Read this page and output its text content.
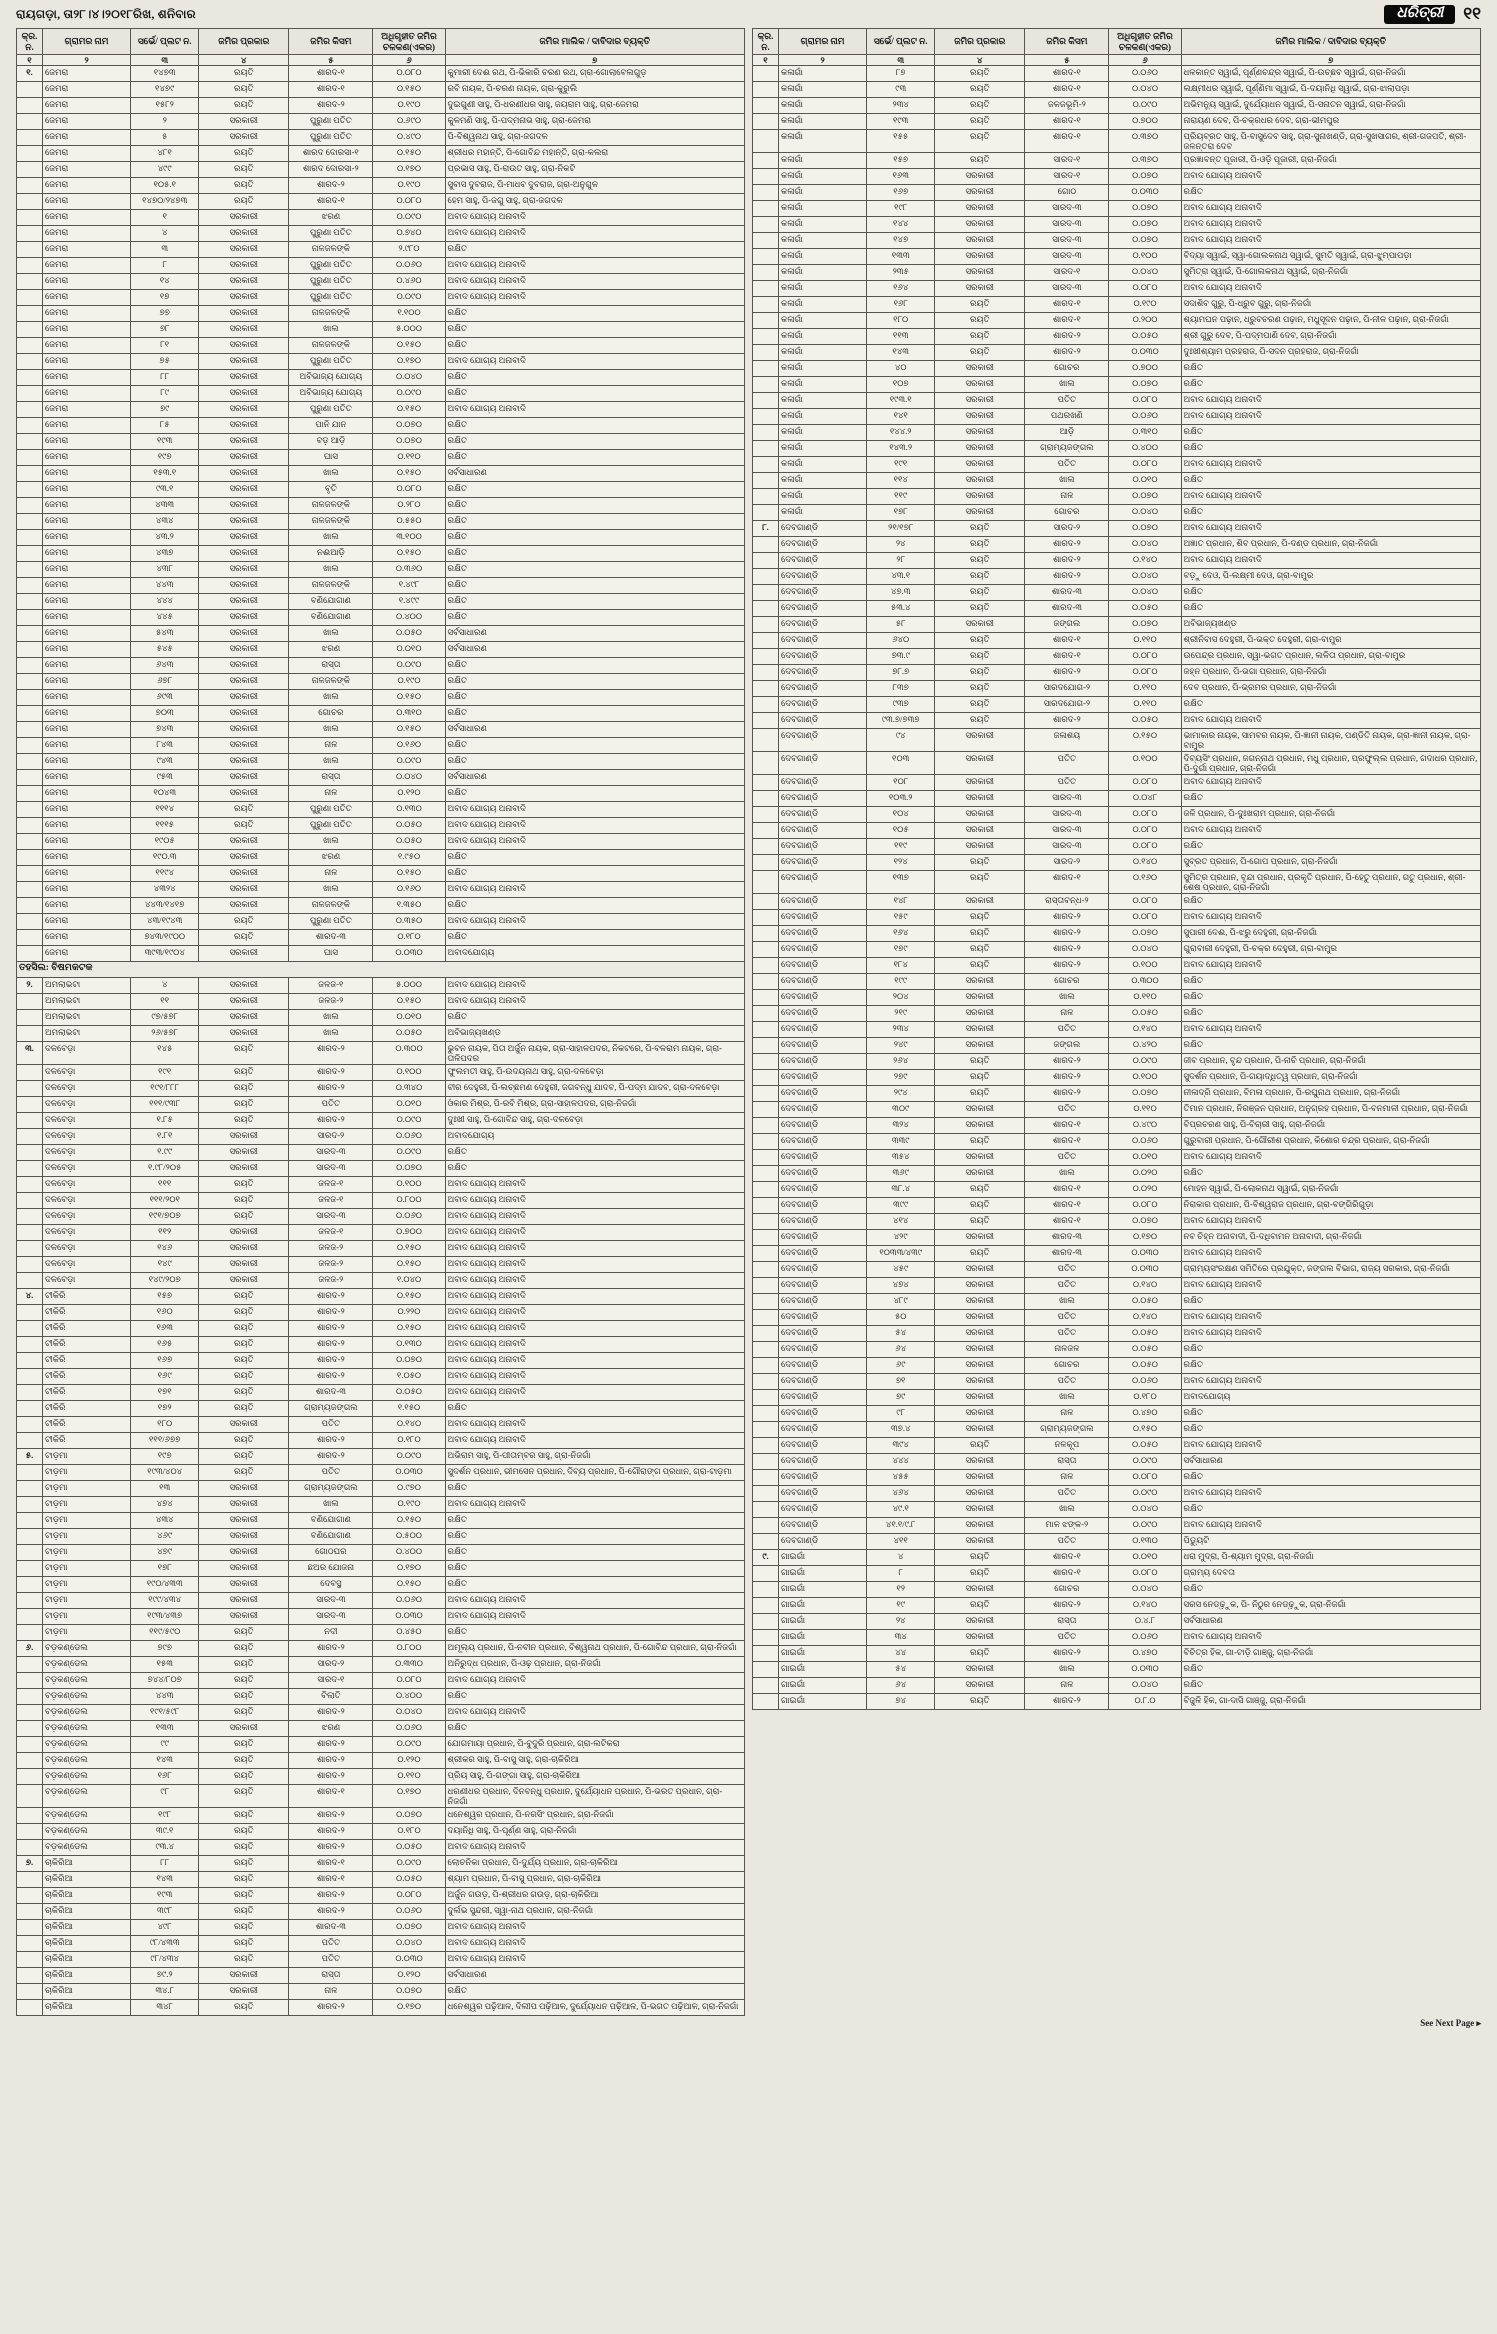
ରାୟଗଡ଼ା, ତା୨୮।୪।୨୦୧୮ରିଖ, ଶନିବାର	ଧରିତ୍ରୀ	୧୧
କ୍ର. ନ.	ଗ୍ରାମର ନାମ	ସର୍ଭେ/ ପ୍ଲଟ ନ.	ଜମିର ପ୍ରକାର	ଜମିର କିସମ	ଅଧିଗୃହୀତ ଜମିର ଚଳକଣ(ଏକର)	ଜମିର ମାଲିକ / ଦାବିଦାର ବ୍ୟକ୍ତି
୧	୨	୩	୪	୫	୬	୭
୧.	ଜେମରା	୧୪୭୩	ରୟତି	ଶାରଦ-୧	୦.୦୮୦	କୁମାରୀ ଦେଈ ରଥ, ପି-ଭିକାରି ଚରଣ ରଥ, ଗ୍ରା-ଗୋଲାବେଲଗୁଡ଼
	ଜେମରା	୧୪୭୯	ରୟତି	ଶାରଦ-୧	୦.୧୫୦	ରବି ନାୟକ, ପି-ଚରଣ ନାୟକ, ଗ୍ରା-କୁରୁଲି
	ଜେମରା	୧୫୮୨	ରୟତି	ଶାରଦ-୨	୦.୧୯୦	ଦୁଇଗୁଣୀ ସାହୁ, ପି-ଧରଣୀଧର ସାହୁ, ଜୟରାମ ସାହୁ, ଗ୍ରା-ଜେମରା
	ଜେମରା	୨	ସରକାରୀ	ପୁରୁଣା ପତିତ	୦.୬୯୦	କୁଳମଣି ସାହୁ, ପି-ପଦ୍ମନାଭ ସାହୁ, ଗ୍ରା-ଜେମରା
	ଜେମରା	୫	ସରକାରୀ	ପୁରୁଣା ପତିତ	୦.୪୯୦	ପି-ବିଶ୍ୱନାଥ ସାହୁ, ଗ୍ରା-ଜଗଦଳ
	ଜେମରା	୪୮୧	ରୟତି	ଶାରଦ ଦୋରସା-୧	୦.୧୫୦	ଶ୍ରୀଧର ମହାନ୍ତି, ପି-ଗୋବିନ୍ଦ ମହାନ୍ତି, ଗ୍ରା-କଲରା
	ଜେମରା	୪୯୯	ରୟତି	ଶାରଦ ଦୋରସା-୨	୦.୧୭୦	ପ୍ରଭାସ ସାହୁ, ପି-ରାଉତ ସାହୁ, ଗ୍ରା-ନିକଟି
	ଜେମରା	୧୦୫.୧	ରୟତି	ଶାରଦ-୨	୦.୧୯୦	ସୁବାସ ଦୁବରାଜ, ପି-ମାଧବ ଦୁବରାଜ, ଗ୍ରା-ଅନୁଗୁଳ
	ଜେମରା	୧୪୭୦/୨୪୭୩	ରୟତି	ଶାରଦ-୧	୦.୦୮୦	ହେମ ସାହୁ, ପି-ଜଗୁ ସାହୁ, ଗ୍ରା-ଜଗଦଳ
	ଜେମରା	୧	ସରକାରୀ	ଝରଣ	୦.୦୯୦	ଅବାଦ ଯୋଗ୍ୟ ଅନାବାଦି
	ଜେମରା	୪	ସରକାରୀ	ପୁରୁଣା ପତିତ	୦.୭୪୦	ଅବାଦ ଯୋଗ୍ୟ ଅନାବାଦି
	ଜେମରା	୩	ସରକାରୀ	ନାଳଜଳଙ୍କି	୨.୯୮୦	ରକ୍ଷିତ
	ଜେମରା	୮	ସରକାରୀ	ପୁରୁଣା ପତିତ	୦.୦୬୦	ଅବାଦ ଯୋଗ୍ୟ ଅନାବାଦି
	ଜେମରା	୧୪	ସରକାରୀ	ପୁରୁଣା ପତିତ	୦.୪୬୦	ଅବାଦ ଯୋଗ୍ୟ ଅନାବାଦି
	ଜେମରା	୧୭	ସରକାରୀ	ପୁରୁଣା ପତିତ	୦.୦୯୦	ଅବାଦ ଯୋଗ୍ୟ ଅନାବାଦି
	ଜେମରା	୭୭	ସରକାରୀ	ନାଳଜଳଙ୍କି	୧.୧୦୦	ରକ୍ଷିତ
	ଜେମରା	୭୮	ସରକାରୀ	ଖାଲ	୫.୦୦୦	ରକ୍ଷିତ
	ଜେମରା	୮୧	ସରକାରୀ	ନାଳଜଳଙ୍କି	୦.୧୫୦	ରକ୍ଷିତ
	ଜେମରା	୭୫	ସରକାରୀ	ପୁରୁଣା ପତିତ	୦.୧୭୦	ଅବାଦ ଯୋଗ୍ୟ ଅନାବାଦି
	ଜେମରା	୮୮	ସରକାରୀ	ଅବିଭାଜ୍ୟ ଯୋଗ୍ୟ	୦.୦୪୦	ରକ୍ଷିତ
	ଜେମରା	୮୯	ସରକାରୀ	ଅବିଭାଜ୍ୟ ଯୋଗ୍ୟ	୦.୦୯୦	ରକ୍ଷିତ
	ଜେମରା	୭୯	ସରକାରୀ	ପୁରୁଣା ପତିତ	୦.୧୫୦	ଅବାଦ ଯୋଗ୍ୟ ଅନାବାଦି
	ଜେମରା	୮୫	ସରକାରୀ	ପାନି ଯାନ	୦.୦୭୦	ରକ୍ଷିତ
	ଜେମରା	୧୯୩	ସରକାରୀ	ବଡ଼ ଆଡ଼ି	୦.୦୭୦	ରକ୍ଷିତ
	ଜେମରା	୧୯୭	ସରକାରୀ	ଘାସ	୦.୧୧୦	ରକ୍ଷିତ
	ଜେମରା	୧୫୩.୧	ସରକାରୀ	ଖାଲ	୦.୧୫୦	ସର୍ବସାଧାରଣ
	ଜେମରା	୯୩.୧	ସରକାରୀ	ବୃତି	୦.୦୮୦	ରକ୍ଷିତ
	ଜେମରା	୪୩୩	ସରକାରୀ	ନାଳଜଳଙ୍କି	୦.୨୮୦	ରକ୍ଷିତ
	ଜେମରା	୪୩୪	ସରକାରୀ	ନାଳଜଳଙ୍କି	୦.୫୫୦	ରକ୍ଷିତ
	ଜେମରା	୪୩.୨	ସରକାରୀ	ଖାଲ	୩.୧୦୦	ରକ୍ଷିତ
	ଜେମରା	୪୩୭	ସରକାରୀ	ନଈଆଡ଼ି	୦.୧୫୦	ରକ୍ଷିତ
	ଜେମରା	୪୩୮	ସରକାରୀ	ଖାଲ	୦.୩୬୦	ରକ୍ଷିତ
	ଜେମରା	୪୪୩	ସରକାରୀ	ନାଳଜଳଙ୍କି	୧.୪୯୮	ରକ୍ଷିତ
	ଜେମରା	୪୪୪	ସରକାରୀ	ବଣିଯୋଗାଣ	୧.୪୯୯	ରକ୍ଷିତ
	ଜେମରା	୪୪୫	ସରକାରୀ	ବଣିଯୋଗାଣ	୦.୪୦୦	ରକ୍ଷିତ
	ଜେମରା	୫୪୩	ସରକାରୀ	ଖାଲ	୦.୦୫୦	ସର୍ବସାଧାରଣ
	ଜେମରା	୫୪୫	ସରକାରୀ	ଝରଣ	୦.୦୧୦	ସର୍ବସାଧାରଣ
	ଜେମରା	୬୪୩	ସରକାରୀ	ରାସ୍ତା	୦.୦୯୦	ରକ୍ଷିତ
	ଜେମରା	୬୭୮	ସରକାରୀ	ନାଳଜଳଙ୍କି	୦.୧୯୦	ରକ୍ଷିତ
	ଜେମରା	୬୯୩	ସରକାରୀ	ଖାଲ	୦.୧୫୦	ରକ୍ଷିତ
	ଜେମରା	୭୦୩	ସରକାରୀ	ଗୋଚର	୦.୩୧୦	ରକ୍ଷିତ
	ଜେମରା	୭୪୩	ସରକାରୀ	ଖାଲ	୦.୧୫୦	ସର୍ବସାଧାରଣ
	ଜେମରା	୮୪୩	ସରକାରୀ	ନାଳ	୦.୧୬୦	ରକ୍ଷିତ
	ଜେମରା	୯୪୩	ସରକାରୀ	ଖାଲ	୦.୦୯୦	ରକ୍ଷିତ
	ଜେମରା	୯୫୩	ସରକାରୀ	ରାସ୍ତା	୦.୦୪୦	ସର୍ବସାଧାରଣ
	ଜେମରା	୧୦୪୩	ସରକାରୀ	ନାଳ	୦.୧୨୦	ରକ୍ଷିତ
	ଜେମରା	୧୧୧୪	ରୟତି	ପୁରୁଣା ପତିତ	୦.୧୩୦	ଅବାଦ ଯୋଗ୍ୟ ଅନାବାଦି
	ଜେମରା	୧୧୧୫	ରୟତି	ପୁରୁଣା ପତିତ	୦.୦୫୦	ଅବାଦ ଯୋଗ୍ୟ ଅନାବାଦି
	ଜେମରା	୧୯୦୫	ସରକାରୀ	ଖାଲ	୦.୦୫୦	ଅବାଦ ଯୋଗ୍ୟ ଅନାବାଦି
	ଜେମରା	୧୯୦.୩	ସରକାରୀ	ଝରଣ	୧.୯୫୦	ରକ୍ଷିତ
	ଜେମରା	୧୧୯୪	ସରକାରୀ	ନାଳ	୦.୧୫୦	ରକ୍ଷିତ
	ଜେମରା	୪୩୨୪	ସରକାରୀ	ଖାଲ	୦.୧୬୦	ଅବାଦ ଯୋଗ୍ୟ ଅନାବାଦି
	ଜେମରା	୪୪୩/୧୪୧୭	ସରକାରୀ	ନାଳଜଳଙ୍କି	୧.୩୫୦	ରକ୍ଷିତ
	ଜେମରା	୪୩/୧୯୪୩	ରୟତି	ପୁରୁଣା ପତିତ	୦.୩୫୦	ଅବାଦ ଯୋଗ୍ୟ ଅନାବାଦି
	ଜେମରା	୭୪୩/୧୯୦୦	ରୟତି	ଶାରଦ-୩	୦.୧୮୦	ରକ୍ଷିତ
	ଜେମରା	୩୯୩/୧୯୦୪	ସରକାରୀ	ଘାସ	୦.୦୩୦	ଅବାଦଯୋଗ୍ୟ
ତହସିଲ: ବିଷମକଟକ						
୨.	ଅମଲାଭଟା	୪	ସରକାରୀ	ଜଳଜ-୧	୫.୦୦୦	ଅବାଦ ଯୋଗ୍ୟ ଅନାବାଦି
	ଅମଲାଭଟା	୧୧	ସରକାରୀ	ଜଳଜ-୨	୦.୧୫୦	ଅବାଦ ଯୋଗ୍ୟ ଅନାବାଦି
	ଅମଲାଭଟା	୯୭/୫୭୮	ସରକାରୀ	ଖାଲ	୦.୦୧୦	ରକ୍ଷିତ
	ଅମଲାଭଟା	୨୬/୫୭୮	ସରକାରୀ	ଖାଲ	୦.୦୫୦	ଅବିଭାଜ୍ୟଖଣ୍ଡ
୩.	ଦଳବେଡ଼ା	୧୪୫	ରୟତି	ଶାରଦ-୨	୦.୩୦୦	ଭୁବନ ନାୟକ, ପିତା ଅର୍ଜୁନ ନାୟକ, ଗ୍ରା-ସାହାଳପଦର, ନିକଟରେ, ପି-ବଳରାମ ନାୟକ, ଗ୍ରା-ତାଳିପଦର
	ଦଳବେଡ଼ା	୧୯୧	ରୟତି	ଶାରଦ-୨	୦.୧୦୦	ଫୁଲମତୀ ସାହୁ, ପି-ଉଦୟନାଥ ସାହୁ, ଗ୍ରା-ଦଳବେଡ଼ା
	ଦଳବେଡ଼ା	୧୯୧/୮୮୮	ରୟତି	ଶାରଦ-୨	୦.୩୪୦	ବୀର ଦେହୁରୀ, ପି-ଲଚ୍ଛମଣ ଦେହୁରୀ, ଜଗବନ୍ଧୁ ଯାଦବ, ପି-ପଦ୍ମ ଯାଦବ, ଗ୍ରା-ଦଳବେଡ଼ା
	ଦଳବେଡ଼ା	୧୧୧/୯୩୮	ରୟତି	ପତିତ	୦.୦୧୦	ଓଁକାର ମିଶ୍ର, ପି-ରବି ମିଶ୍ର, ଗ୍ରା-ସାହାଳପଦର, ଗ୍ରା-ନିଜଗାଁ
	ଦଳବେଡ଼ା	୧.୮୫	ରୟତି	ଶାରଦ-୨	୦.୦୯୦	ଦୁଃଖୀ ସାହୁ, ପି-ଗୋବିନ୍ଦ ସାହୁ, ଗ୍ରା-ଦଳବେଡ଼ା
	ଦଳବେଡ଼ା	୧.୮୧	ସରକାରୀ	ସାରଦ-୨	୦.୦୬୦	ଅବାଦଯୋଗ୍ୟ
	ଦଳବେଡ଼ା	୧.୯୯	ସରକାରୀ	ସାରଦ-୩	୦.୦୯୦	ରକ୍ଷିତ
	ଦଳବେଡ଼ା	୧.୯୮/୨୦୫	ସରକାରୀ	ସାରଦ-୩	୦.୦୭୦	ରକ୍ଷିତ
	ଦଳବେଡ଼ା	୧୧୧	ରୟତି	ଜଳଜ-୧	୦.୧୦୦	ଅବାଦ ଯୋଗ୍ୟ ଅନାବାଦି
	ଦଳବେଡ଼ା	୧୧୧/୨୦୧	ରୟତି	ଜଳଜ-୧	୦.୮୦୦	ଅବାଦ ଯୋଗ୍ୟ ଅନାବାଦି
	ଦଳବେଡ଼ା	୧୯୧/୭୦୭	ରୟତି	ସାରଦ-୩	୦.୦୬୦	ଅବାଦ ଯୋଗ୍ୟ ଅନାବାଦି
	ଦଳବେଡ଼ା	୧୧୨	ସରକାରୀ	ଜଳଜ-୧	୦.୭୦୦	ଅବାଦ ଯୋଗ୍ୟ ଅନାବାଦି
	ଦଳବେଡ଼ା	୧୪୬	ସରକାରୀ	ଜଳଜ-୨	୦.୧୫୦	ଅବାଦ ଯୋଗ୍ୟ ଅନାବାଦି
	ଦଳବେଡ଼ା	୧୪୯	ସରକାରୀ	ଜଳଜ-୨	୦.୧୫୦	ଅବାଦ ଯୋଗ୍ୟ ଅନାବାଦି
	ଦଳବେଡ଼ା	୧୪୯/୨୦୭	ସରକାରୀ	ଜଳଜ-୨	୧.୦୪୦	ଅବାଦ ଯୋଗ୍ୟ ଅନାବାଦି
୪.	ଟୀକିରି	୧୫୭	ରୟତି	ଶାରଦ-୨	୦.୧୫୦	ଅବାଦ ଯୋଗ୍ୟ ଅନାବାଦି
	ଟୀକିରି	୧୬୦	ରୟତି	ଶାରଦ-୨	୦.୨୨୦	ଅବାଦ ଯୋଗ୍ୟ ଅନାବାଦି
	ଟୀକିରି	୧୬୩	ରୟତି	ଶାରଦ-୨	୦.୧୫୦	ଅବାଦ ଯୋଗ୍ୟ ଅନାବାଦି
	ଟୀକିରି	୧୬୫	ରୟତି	ଶାରଦ-୨	୦.୧୩୦	ଅବାଦ ଯୋଗ୍ୟ ଅନାବାଦି
	ଟୀକିରି	୧୬୭	ରୟତି	ଶାରଦ-୨	୦.୦୭୦	ଅବାଦ ଯୋଗ୍ୟ ଅନାବାଦି
	ଟୀକିରି	୧୬୯	ରୟତି	ଶାରଦ-୨	୧.୦୫୦	ଅବାଦ ଯୋଗ୍ୟ ଅନାବାଦି
	ଟୀକିରି	୧୭୧	ରୟତି	ଶାରଦ-୩	୦.୦୫୦	ଅବାଦ ଯୋଗ୍ୟ ଅନାବାଦି
	ଟୀକିରି	୧୭୨	ରୟତି	ଗ୍ରାମ୍ୟଜଙ୍ଗଲ	୧.୧୫୦	ରକ୍ଷିତ
	ଟୀକିରି	୧୮୦	ସରକାରୀ	ପତିତ	୦.୧୪୦	ଅବାଦ ଯୋଗ୍ୟ ଅନାବାଦି
	ଟୀକିରି	୧୧୧/୬୭୭	ରୟତି	ଶାରଦ-୨	୦.୧୮୦	ଅବାଦ ଯୋଗ୍ୟ ଅନାବାଦି
୫.	ଟାଡ଼ମା	୧୯୭	ରୟତି	ଶାରଦ-୨	୦.୦୯୦	ଅଭିରାମ ସାହୁ, ପି-ପୀତାମ୍ବର ସାହୁ, ଗ୍ରା-ନିଜଗାଁ
	ଟାଡ଼ମା	୧୯୩/୪୦୪	ରୟତି	ପତିତ	୦.୦୩୦	ସୁଦର୍ଶନ ପ୍ରଧାନ, ଭୀମସେନ ପ୍ରଧାନ, ଦିବ୍ୟ ପ୍ରଧାନ, ପି-ଗୌରାଙ୍ଗ ପ୍ରଧାନ, ଗ୍ରା-ଟାଡ଼ମା
	ଟାଡ଼ମା	୧୩	ସରକାରୀ	ଗ୍ରାମ୍ୟଜଙ୍ଗଲ	୦.୯୭୦	ରକ୍ଷିତ
	ଟାଡ଼ମା	୪୭୪	ସରକାରୀ	ଖାଲ	୦.୧୯୦	ଅବାଦ ଯୋଗ୍ୟ ଅନାବାଦି
	ଟାଡ଼ମା	୪୩୪	ସରକାରୀ	ବଣିଯୋଗାଣ	୦.୧୫୦	ରକ୍ଷିତ
	ଟାଡ଼ମା	୪୬୯	ସରକାରୀ	ବଣିଯୋଗାଣ	୦.୫୦୦	ରକ୍ଷିତ
	ଟାଡ଼ମା	୪୭୯	ସରକାରୀ	ଗୋଠଘର	୦.୪୦୦	ରକ୍ଷିତ
	ଟାଡ଼ମା	୧୭୮	ସରକାରୀ	ଛଅର ଯୋଜନା	୦.୧୭୦	ରକ୍ଷିତ
	ଟାଡ଼ମା	୧୯୦/୪୩୩	ସରକାରୀ	ଦେବସ୍ଥ	୦.୧୫୦	ରକ୍ଷିତ
	ଟାଡ଼ମା	୧୯୯/୪୩୪	ସରକାରୀ	ସାରଦ-୩	୦.୦୬୦	ଅବାଦ ଯୋଗ୍ୟ ଅନାବାଦି
	ଟାଡ଼ମା	୧୯୩/୪୩୭	ସରକାରୀ	ସାରଦ-୩	୦.୦୩୦	ଅବାଦ ଯୋଗ୍ୟ ଅନାବାଦି
	ଟାଡ଼ମା	୧୧୯/୫୯୦	ରୟତି	ନଦୀ	୦.୪୫୦	ରକ୍ଷିତ
୬.	ବଡ଼କଣ୍ଡେଲ	୭୯୭	ରୟତି	ଶାରଦ-୨	୦.୮୦୦	ଅମୂଲ୍ୟ ପ୍ରଧାନ, ପି-ନବୀନ ପ୍ରଧାନ, ବିଶ୍ୱନାଥ ପ୍ରଧାନ, ପି-ଗୋବିନ୍ଦ ପ୍ରଧାନ, ଗ୍ରା-ନିଜଗାଁ
	ବଡ଼କଣ୍ଡେଲ	୧୫୩	ରୟତି	ସାରଦ-୨	୦.୩୩୦	ଅନିରୁଦ୍ଧ ପ୍ରଧାନ, ପି-ଓଢ଼ ପ୍ରଧାନ, ଗ୍ରା-ନିଜଗାଁ
	ବଡ଼କଣ୍ଡେଲ	୭୪୪/୮୦୭	ରୟତି	ସାରଦ-୧	୦.୦୮୦	ଅବାଦ ଯୋଗ୍ୟ ଅନାବାଦି
	ବଡ଼କଣ୍ଡେଲ	୪୪୩	ରୟତି	ବିଲାତି	୦.୪୦୦	ରକ୍ଷିତ
	ବଡ଼କଣ୍ଡେଲ	୧୯୧/୫୯୮	ରୟତି	ଶାରଦ-୨	୦.୦୪୦	ଅବାଦ ଯୋଗ୍ୟ ଅନାବାଦି
	ବଡ଼କଣ୍ଡେଲ	୧୩୩	ସରକାରୀ	ଝରଣ	୦.୦୬୦	ରକ୍ଷିତ
	ବଡ଼କଣ୍ଡେଲ	୯୯	ରୟତି	ଶାରଦ-୨	୦.୦୯୦	ଯୋଗମାୟା ପ୍ରଧାନ, ପି-ବୁଦୁରି ପ୍ରଧାନ, ଗ୍ରା-ଲଟିକରା
	ବଡ଼କଣ୍ଡେଲ	୧୪୩	ରୟତି	ଶାରଦ-୨	୦.୧୨୦	ଶ୍ରୀକର ସାହୁ, ପି-ବାସୁ ସାହୁ, ଗ୍ରା-ଚାକିରିଆ
	ବଡ଼କଣ୍ଡେଲ	୧୬୮	ରୟତି	ଶାରଦ-୨	୦.୧୧୦	ପ୍ରିୟ ସାହୁ, ପି-ଗଙ୍ଗା ସାହୁ, ଗ୍ରା-ଚାକିରିଆ
	ବଡ଼କଣ୍ଡେଲ	୯୮	ରୟତି	ଶାରଦ-୧	୦.୧୭୦	ଧରଣୀଧର ପ୍ରଧାନ, ଦିନବନ୍ଧୁ ପ୍ରଧାନ, ଦୁର୍ଯ୍ୟୋଧନ ପ୍ରଧାନ, ପି-ଭରତ ପ୍ରଧାନ, ଗ୍ରା-ନିଜଗାଁ
	ବଡ଼କଣ୍ଡେଲ	୧୯୮	ରୟତି	ଶାରଦ-୨	୦.୦୭୦	ଧନେଶ୍ୱର ପ୍ରଧାନ, ପି-ନରସିଂ ପ୍ରଧାନ, ଗ୍ରା-ନିଜଗାଁ
	ବଡ଼କଣ୍ଡେଲ	୩୯.୧	ରୟତି	ଶାରଦ-୨	୦.୧୮୦	ଦୟାନିଧି ସାହୁ, ପି-ପୂର୍ଣ୍ଣ ସାହୁ, ଗ୍ରା-ନିଜଗାଁ
	ବଡ଼କଣ୍ଡେଲ	୯୩.୪	ରୟତି	ଶାରଦ-୨	୦.୦୫୦	ଅବାଦ ଯୋଗ୍ୟ ଅନାବାଦି
୭.	ଚାକିରିଆ	୮୮	ରୟତି	ଶାରଦ-୧	୦.୦୯୦	ଲୋଚନିକା ପ୍ରଧାନ, ପି-ଦୁର୍ଯ୍ୟ ପ୍ରଧାନ, ଗ୍ରା-ଚାକିରିଆ
	ଚାକିରିଆ	୧୪୩	ରୟତି	ଶାରଦ-୧	୦.୦୫୦	ଶ୍ୟାମ ପ୍ରଧାନ, ପି-ବାସୁ ପ୍ରଧାନ, ଗ୍ରା-ଚାକିରିଆ
	ଚାକିରିଆ	୧୯୩	ରୟତି	ଶାରଦ-୨	୦.୦୮୦	ଅର୍ଜୁନ ଗଉଡ଼, ପି-ଶ୍ରୀଧର ଗଉଡ଼, ଗ୍ରା-ଚାକିରିଆ
	ଚାକିରିଆ	୩୯୮	ରୟତି	ଶାରଦ-୨	୦.୦୬୦	ଦୁର୍ଲଭ ସୁନ୍ଦରୀ, ସ୍ୱା-ନାଥ ପ୍ରଧାନ, ଗ୍ରା-ନିଜଗାଁ
	ଚାକିରିଆ	୪୯୮	ରୟତି	ଶାରଦ-୩	୦.୦୭୦	ଅବାଦ ଯୋଗ୍ୟ ଅନାବାଦି
	ଚାକିରିଆ	୯୮/୪୩୩	ରୟତି	ପତିତ	୦.୦୪୦	ଅବାଦ ଯୋଗ୍ୟ ଅନାବାଦି
	ଚାକିରିଆ	୯୮/୪୩୪	ରୟତି	ପତିତ	୦.୦୩୦	ଅବାଦ ଯୋଗ୍ୟ ଅନାବାଦି
	ଚାକିରିଆ	୭୯.୨	ସରକାରୀ	ରାସ୍ତା	୦.୧୨୦	ସର୍ବସାଧାରଣ
	ଚାକିରିଆ	୩୪.୮	ସରକାରୀ	ନାଳ	୦.୦୭୦	ରକ୍ଷିତ
	ଚାକିରିଆ	୩୪୮	ରୟତି	ଶାରଦ-୨	୦.୧୭୦	ଧନେଶ୍ୱର ପଢ଼ିଆଳ, ଦିଲୀପ ପଢ଼ିଆଳ, ଦୁର୍ଯ୍ୟୋଧନ ପଢ଼ିଆଳ, ପି-ଭଗତ ପଢ଼ିଆଳ, ଗ୍ରା-ନିଜଗାଁ
କ୍ର. ନ.	ଗ୍ରାମର ନାମ	ସର୍ଭେ/ ପ୍ଲଟ ନ.	ଜମିର ପ୍ରକାର	ଜମିର କିସମ	ଅଧିଗୃହୀତ ଜମିର ଚଳକଣ(ଏକର)	ଜମିର ମାଲିକ / ଦାବିଦାର ବ୍ୟକ୍ତି
୧	୨	୩	୪	୫	୬	୭
	କଳାଗାଁ	୮୭	ରୟତି	ଶାରଦ-୧	୦.୦୬୦	ଧଳକାନ୍ତ ସ୍ୱାଇଁ, ପୂର୍ଣ୍ଣଚନ୍ଦ୍ର ସ୍ୱାଇଁ, ପି-ଉଚ୍ଛବ ସ୍ୱାଇଁ, ଗ୍ରା-ନିଜଗାଁ
	କଳାଗାଁ	୯୩	ରୟତି	ଶାରଦ-୧	୦.୦୪୦	ଲକ୍ଷ୍ମୀଧର ସ୍ୱାଇଁ, ପୂର୍ଣ୍ଣିମା ସ୍ୱାଇଁ, ପି-ଦୟାନିଧି ସ୍ୱାଇଁ, ଗ୍ରା-ଝାଲାପଡ଼ା
	କଳାଗାଁ	୨୩୪	ରୟତି	ଜଳଜଭୂମି-୨	୦.୦୯୦	ଅଭିମନ୍ୟୁ ସ୍ୱାଇଁ, ଦୁର୍ଯ୍ୟୋଧନ ସ୍ୱାଇଁ, ପି-ସନାତନ ସ୍ୱାଇଁ, ଗ୍ରା-ନିଜଗାଁ
	କଳାଗାଁ	୧୯୩	ରୟତି	ଶାରଦ-୧	୦.୭୦୦	ନାରାୟଣ ଦେବ, ପି-ଚକ୍ରଧର ଦେବ, ଗ୍ରା-ଭୀମପୁର
	କଳାଗାଁ	୧୫୫	ରୟତି	ଶାରଦ-୧	୦.୩୭୦	ପ୍ରିୟବ୍ରତ ସାହୁ, ପି-ବାସୁଦେବ ସାହୁ, ଗ୍ରା-ସୁନାଖଣ୍ଡି, ଗ୍ରା-ସୁଖସାଗର, ଶ୍ରୀ-ଗଜପତି, ଶ୍ରୀ-ଜଳନ୍ତରା ଦେବ
	କଳାଗାଁ	୧୫୭	ରୟତି	ସାରଦ-୧	୦.୩୭୦	ପ୍ରଜ୍ଞାବନ୍ତ ପୂଜାରୀ, ପି-ଓଡ଼ି ପୂଜାରୀ, ଗ୍ରା-ନିଜଗାଁ
	କଳାଗାଁ	୧୬୩	ସରକାରୀ	ସାରଦ-୧	୦.୦୭୦	ଅବାଦ ଯୋଗ୍ୟ ଅନାବାଦି
	କଳାଗାଁ	୧୬୭	ସରକାରୀ	ଗୋଠ	୦.୦୩୦	ରକ୍ଷିତ
	କଳାଗାଁ	୧୯୮	ସରକାରୀ	ସାରଦ-୩	୦.୦୭୦	ଅବାଦ ଯୋଗ୍ୟ ଅନାବାଦି
	କଳାଗାଁ	୧୪୪	ସରକାରୀ	ସାରଦ-୩	୦.୦୭୦	ଅବାଦ ଯୋଗ୍ୟ ଅନାବାଦି
	କଳାଗାଁ	୧୪୭	ସରକାରୀ	ସାରଦ-୩	୦.୦୭୦	ଅବାଦ ଯୋଗ୍ୟ ଅନାବାଦି
	କଳାଗାଁ	୧୩୩	ସରକାରୀ	ସାରଦ-୩	୦.୧୦୦	ବିଦ୍ୟା ସ୍ୱାଇଁ, ସ୍ୱା-ଗୋଲକନାଥ ସ୍ୱାଇଁ, ସୁମତି ସ୍ୱାଇଁ, ଗ୍ରା-ଝୁମ୍ପାପଡ଼ା
	କଳାଗାଁ	୨୩୫	ସରକାରୀ	ସାରଦ-୧	୦.୦୪୦	ସୁମିତ୍ରା ସ୍ୱାଇଁ, ପି-ଗୋଲକନାଥ ସ୍ୱାଇଁ, ଗ୍ରା-ନିଜଗାଁ
	କଳାଗାଁ	୧୬୪	ସରକାରୀ	ସାରଦ-୩	୦.୦୮୦	ଅବାଦ ଯୋଗ୍ୟ ଅନାବାଦି
	କଳାଗାଁ	୧୬୮	ରୟତି	ଶାରଦ-୧	୦.୧୯୦	ସଦାଶିବ ଗୁରୁ, ପି-ଧ୍ରୁବ ଗୁରୁ, ଗ୍ରା-ନିଜଗାଁ
	କଳାଗାଁ	୧୮୦	ରୟତି	ଶାରଦ-୧	୦.୨୦୦	ଶ୍ୟାମଘନ ପଢ଼ାନ, ଧ୍ରୁବଚରଣ ପଢ଼ାନ, ମଧୁସୂଦନ ପଢ଼ାନ, ପି-ନୀଳ ପଢ଼ାନ, ଗ୍ରା-ନିଜଗାଁ
	କଳାଗାଁ	୧୧୩	ରୟତି	ଶାରଦ-୨	୦.୦୫୦	ଶ୍ରୀ ଗୁରୁ ଦେବ, ପି-ପଦ୍ମପାଣି ଦେବ, ଗ୍ରା-ନିଜଗାଁ
	କଳାଗାଁ	୧୪୩	ରୟତି	ଶାରଦ-୨	୦.୦୩୦	ଦୁଃଖୀଶ୍ୟାମ ପ୍ରହରାଜ, ପି-ସଦନ ପ୍ରହରାଜ, ଗ୍ରା-ନିଜଗାଁ
	କଳାଗାଁ	୪୦	ସରକାରୀ	ଗୋଚର	୦.୭୦୦	ରକ୍ଷିତ
	କଳାଗାଁ	୧୦୭	ସରକାରୀ	ଖାଲ	୦.୦୭୦	ରକ୍ଷିତ
	କଳାଗାଁ	୧୯୩.୧	ସରକାରୀ	ପତିତ	୦.୦୮୦	ଅବାଦ ଯୋଗ୍ୟ ଅନାବାଦି
	କଳାଗାଁ	୧୪୧	ସରକାରୀ	ପଥରଖଣି	୦.୦୬୦	ଅବାଦ ଯୋଗ୍ୟ ଅନାବାଦି
	କଳାଗାଁ	୧୪୪.୨	ସରକାରୀ	ଆଡ଼ି	୦.୩୧୦	ରକ୍ଷିତ
	କଳାଗାଁ	୧୪୩.୨	ସରକାରୀ	ଗ୍ରାମ୍ୟଜଙ୍ଗଲ	୦.୪୦୦	ରକ୍ଷିତ
	କଳାଗାଁ	୧୯୧	ସରକାରୀ	ପତିତ	୦.୦୮୦	ଅବାଦ ଯୋଗ୍ୟ ଅନାବାଦି
	କଳାଗାଁ	୧୧୪	ସରକାରୀ	ଖାଲ	୦.୦୧୦	ରକ୍ଷିତ
	କଳାଗାଁ	୧୧୯	ସରକାରୀ	ନାଳ	୦.୦୭୦	ଅବାଦ ଯୋଗ୍ୟ ଅନାବାଦି
	କଳାଗାଁ	୧୭୮	ସରକାରୀ	ଗୋଚର	୦.୦୪୦	ରକ୍ଷିତ
୮.	ଦେବଗାଣ୍ଡି	୨୧/୧୭୮	ରୟତି	ସାରଦ-୨	୦.୦୭୦	ଅବାଦ ଯୋଗ୍ୟ ଅନାବାଦି
	ଦେବଗାଣ୍ଡି	୨୪	ରୟତି	ଶାରଦ-୨	୦.୦୪୦	ଅଜ୍ଞାତ ପ୍ରଧାନ, ଶିବ ପ୍ରଧାନ, ପି-ଦଣ୍ଡ ପ୍ରଧାନ, ଗ୍ରା-ନିଜଗାଁ
	ଦେବଗାଣ୍ଡି	୨୮	ରୟତି	ଶାରଦ-୨	୦.୧୪୦	ଅବାଦ ଯୋଗ୍ୟ ଅନାବାଦି
	ଦେବଗାଣ୍ଡି	୪୩.୧	ରୟତି	ଶାରଦ-୨	୦.୦୪୦	ବଡ଼ୁ ଦେଓ, ପି-ଲକ୍ଷ୍ମୀ ଦେଓ, ଗ୍ରା-ବାମୁର
	ଦେବଗାଣ୍ଡି	୪୭.୩	ରୟତି	ଶାରଦ-୩	୦.୦୪୦	ରକ୍ଷିତ
	ଦେବଗାଣ୍ଡି	୫୩.୪	ରୟତି	ଶାରଦ-୩	୦.୦୫୦	ରକ୍ଷିତ
	ଦେବଗାଣ୍ଡି	୫୮	ସରକାରୀ	ଜଙ୍ଗଲ	୦.୦୭୦	ଅବିଭାଜ୍ୟଖଣ୍ଡ
	ଦେବଗାଣ୍ଡି	୬୪୦	ରୟତି	ଶାରଦ-୧	୦.୧୧୦	ଶ୍ରୀନିବାସ ଦେହୁରୀ, ପି-ଭକ୍ତ ଦେହୁରୀ, ଗ୍ରା-ବାମୁର
	ଦେବଗାଣ୍ଡି	୭୩.୯	ରୟତି	ଶାରଦ-୧	୦.୦୮୦	ଉପେନ୍ଦ୍ର ପ୍ରଧାନ, ସ୍ୱା-ଭଗତ ପ୍ରଧାନ, ଲଳିତା ପ୍ରଧାନ, ଗ୍ରା-ବାମୁର
	ଦେବଗାଣ୍ଡି	୭୮.୭	ରୟତି	ଶାରଦ-୨	୦.୦୮୦	ଜହ୍ନ ପ୍ରଧାନ, ପି-ଭଗା ପ୍ରଧାନ, ଗ୍ରା-ନିଜଗାଁ
	ଦେବଗାଣ୍ଡି	୮୩୭	ରୟତି	ସାରଦଯୋଗ-୨	୦.୧୧୦	ଦେବ ପ୍ରଧାନ, ପି-ଭ୍ରମର ପ୍ରଧାନ, ଗ୍ରା-ନିଜଗାଁ
	ଦେବଗାଣ୍ଡି	୯୩୭	ରୟତି	ସାରଦଯୋଗ-୨	୦.୧୧୦	ରକ୍ଷିତ
	ଦେବଗାଣ୍ଡି	୯୩.୭/୭୩୭	ରୟତି	ଶାରଦ-୨	୦.୦୫୦	ଅବାଦ ଯୋଗ୍ୟ ଅନାବାଦି
	ଦେବଗାଣ୍ଡି	୯୪	ସରକାରୀ	ଜଳାଶୟ	୦.୧୫୦	ଭାମାକାର ନାୟକ, ସାମବର ନାୟକ, ପି-ଜ୍ଞାନୀ ନାୟକ, ପଣ୍ଡିତି ନାୟକ, ଗ୍ରା-ଜ୍ଞାନୀ ନାୟକ, ଗ୍ରା-ବାମୁର
	ଦେବଗାଣ୍ଡି	୧୦୩	ସରକାରୀ	ପତିତ	୦.୧୦୦	ଦିବ୍ୟସିଂ ପ୍ରଧାନ, ଜଗନ୍ନାଥ ପ୍ରଧାନ, ମଧୁ ପ୍ରଧାନ, ପ୍ରଫୁଲ୍ଲ ପ୍ରଧାନ, ଗଦାଧର ପ୍ରଧାନ, ପି-ଦୁର୍ଗା ପ୍ରଧାନ, ଗ୍ରା-ନିଜଗାଁ
	ଦେବଗାଣ୍ଡି	୧୦୮	ସରକାରୀ	ପତିତ	୦.୦୮୦	ଅବାଦ ଯୋଗ୍ୟ ଅନାବାଦି
	ଦେବଗାଣ୍ଡି	୧୦୩.୨	ସରକାରୀ	ସାରଦ-୩	୦.୦୪୮	ରକ୍ଷିତ
	ଦେବଗାଣ୍ଡି	୧୦୪	ସରକାରୀ	ସାରଦ-୩	୦.୦୮୦	ଜଳି ପ୍ରଧାନ, ପି-ଦୁଃଖରାମ ପ୍ରଧାନ, ଗ୍ରା-ନିଜଗାଁ
	ଦେବଗାଣ୍ଡି	୧୦୫	ସରକାରୀ	ସାରଦ-୩	୦.୦୮୦	ଅବାଦ ଯୋଗ୍ୟ ଅନାବାଦି
	ଦେବଗାଣ୍ଡି	୧୧୯	ସରକାରୀ	ସାରଦ-୩	୦.୦୮୦	ରକ୍ଷିତ
	ଦେବଗାଣ୍ଡି	୧୨୪	ରୟତି	ସାରଦ-୨	୦.୧୪୦	ସୁବ୍ରତ ପ୍ରଧାନ, ପି-ଗୋପ ପ୍ରଧାନ, ଗ୍ରା-ନିଜଗାଁ
	ଦେବଗାଣ୍ଡି	୧୩୭	ରୟତି	ଶାରଦ-୧	୦.୧୬୦	ସୁମିତ୍ର ପ୍ରଧାନ, ବୃନ୍ଦା ପ୍ରଧାନ, ପ୍ରକୃତି ପ୍ରଧାନ, ପି-ହେତୁ ପ୍ରଧାନ, ଗତୁ ପ୍ରଧାନ, ଶ୍ରୀ- ଶେଷ ପ୍ରଧାନ, ଗ୍ରା-ନିଜଗାଁ
	ଦେବଗାଣ୍ଡି	୧୪୮	ସରକାରୀ	ରାସ୍ତାବନ୍ଧ-୨	୦.୦୮୦	ରକ୍ଷିତ
	ଦେବଗାଣ୍ଡି	୧୫୯	ରୟତି	ଶାରଦ-୨	୦.୦୮୦	ଅବାଦ ଯୋଗ୍ୟ ଅନାବାଦି
	ଦେବଗାଣ୍ଡି	୧୬୪	ରୟତି	ଶାରଦ-୨	୦.୦୭୦	ସୁପାରୀ ଦେଈ, ପି-ଝରୁ ଦେହୁରୀ, ଗ୍ରା-ନିଜଗାଁ
	ଦେବଗାଣ୍ଡି	୧୭୯	ରୟତି	ଶାରଦ-୨	୦.୦୪୦	ଗୁରାବାରୀ ଦେହୁରୀ, ପି-ଚକ୍ର ଦେହୁରୀ, ଗ୍ରା-ବାମୁର
	ଦେବଗାଣ୍ଡି	୧୮୪	ରୟତି	ଶାରଦ-୨	୦.୧୦୦	ଅବାଦ ଯୋଗ୍ୟ ଅନାବାଦି
	ଦେବଗାଣ୍ଡି	୧୯୯	ସରକାରୀ	ଗୋଚର	୦.୩୦୦	ରକ୍ଷିତ
	ଦେବଗାଣ୍ଡି	୨୦୪	ସରକାରୀ	ଖାଲ	୦.୧୧୦	ରକ୍ଷିତ
	ଦେବଗାଣ୍ଡି	୨୧୯	ସରକାରୀ	ନାଳ	୦.୦୫୦	ରକ୍ଷିତ
	ଦେବଗାଣ୍ଡି	୨୩୪	ସରକାରୀ	ପତିତ	୦.୧୪୦	ଅବାଦ ଯୋଗ୍ୟ ଅନାବାଦି
	ଦେବଗାଣ୍ଡି	୨୪୯	ସରକାରୀ	ଜଙ୍ଗଲ	୦.୪୨୦	ରକ୍ଷିତ
	ଦେବଗାଣ୍ଡି	୨୬୪	ରୟତି	ଶାରଦ-୨	୦.୦୯୦	ଜୀବ ପ୍ରଧାନ, ବୃନ୍ଦ ପ୍ରଧାନ, ପି-ନାଚି ପ୍ରଧାନ, ଗ୍ରା-ନିଜଗାଁ
	ଦେବଗାଣ୍ଡି	୨୭୯	ରୟତି	ଶାରଦ-୨	୦.୧୦୦	ସୁଦର୍ଶନ ପ୍ରଧାନ, ପି-ଗୟାଦ୍ଧିତ୍ୱ ପ୍ରଧାନ, ଗ୍ରା-ନିଜଗାଁ
	ଦେବଗାଣ୍ଡି	୨୯୪	ରୟତି	ଶାରଦ-୨	୦.୦୭୦	ନୀଳାଦ୍ରି ପ୍ରଧାନ, ବିମଳା ପ୍ରଧାନ, ପି-ରଘୁନାଥ ପ୍ରଧାନ, ଗ୍ରା-ନିଜଗାଁ
	ଦେବଗାଣ୍ଡି	୩୦୯	ସରକାରୀ	ପତିତ	୦.୧୧୦	ତିମାନ ପ୍ରଧାନ, ନିରଞ୍ଜନ ପ୍ରଧାନ, ଅନୁଗ୍ରହ ପ୍ରଧାନ, ପି-ବନମାଳୀ ପ୍ରଧାନ, ଗ୍ରା-ନିଜଗାଁ
	ଦେବଗାଣ୍ଡି	୩୨୪	ସରକାରୀ	ଶାରଦ-୧	୦.୪୯୦	ବିପ୍ରଚରଣ ସାହୁ, ପି-ବିଚାରୀ ସାହୁ, ଗ୍ରା-ନିଜଗାଁ
	ଦେବଗାଣ୍ଡି	୩୩୯	ରୟତି	ଶାରଦ-୧	୦.୦୬୦	ଗୁରୁବାରୀ ପ୍ରଧାନ, ପି-ଗୌରୀଶ ପ୍ରଧାନ, କିଶୋର ଚନ୍ଦ୍ର ପ୍ରଧାନ, ଗ୍ରା-ନିଜଗାଁ
	ଦେବଗାଣ୍ଡି	୩୫୪	ସରକାରୀ	ପତିତ	୦.୦୧୦	ଅବାଦ ଯୋଗ୍ୟ ଅନାବାଦି
	ଦେବଗାଣ୍ଡି	୩୬୯	ସରକାରୀ	ଖାଲ	୦.୦୨୦	ରକ୍ଷିତ
	ଦେବଗାଣ୍ଡି	୩୮.୪	ରୟତି	ଶାରଦ-୧	୦.୦୨୦	ମୋହନ ସ୍ୱାଇଁ, ପି-ଲୋକନାଥ ସ୍ୱାଇଁ, ଗ୍ରା-ନିଜଗାଁ
	ଦେବଗାଣ୍ଡି	୩୯୯	ରୟତି	ଶାରଦ-୧	୦.୦୮୦	ନିରାକାର ପ୍ରଧାନ, ପି-ବିଶ୍ୱରାଜ ପ୍ରଧାନ, ଗ୍ରା-ବଙ୍ଗିରିଗୁଡ଼ା
	ଦେବଗାଣ୍ଡି	୪୧୪	ରୟତି	ଶାରଦ-୧	୦.୦୭୦	ଅବାଦ ଯୋଗ୍ୟ ଅନାବାଦି
	ଦେବଗାଣ୍ଡି	୪୨୯	ସରକାରୀ	ଶାରଦ-୩	୦.୧୭୦	ନବ ଚିହ୍ନ ଅନାବାଦୀ, ପି-ଦଧିବାମନ ଅନାବାଦୀ, ଗ୍ରା-ନିଜଗାଁ
	ଦେବଗାଣ୍ଡି	୧୦୩୩/୪୩୯	ରୟତି	ଶାରଦ-୩	୦.୦୩୦	ଅବାଦ ଯୋଗ୍ୟ ଅନାବାଦି
	ଦେବଗାଣ୍ଡି	୪୫୯	ସରକାରୀ	ପତିତ	୦.୦୩୦	ଗ୍ରାମ୍ୟସଂରକ୍ଷଣ ସମିତିରେ ପ୍ରଯୁକ୍ତ, ଜଙ୍ଗଲ ବିଭାଗ, ରାଜ୍ୟ ସରକାର, ଗ୍ରା-ନିଜଗାଁ
	ଦେବଗାଣ୍ଡି	୪୭୪	ସରକାରୀ	ପତିତ	୦.୧୪୦	ଅବାଦ ଯୋଗ୍ୟ ଅନାବାଦି
	ଦେବଗାଣ୍ଡି	୪୮୯	ସରକାରୀ	ଖାଲ	୦.୦୫୦	ରକ୍ଷିତ
	ଦେବଗାଣ୍ଡି	୫୦	ସରକାରୀ	ପତିତ	୦.୧୪୦	ଅବାଦ ଯୋଗ୍ୟ ଅନାବାଦି
	ଦେବଗାଣ୍ଡି	୫୪	ସରକାରୀ	ପତିତ	୦.୦୫୦	ଅବାଦ ଯୋଗ୍ୟ ଅନାବାଦି
	ଦେବଗାଣ୍ଡି	୬୪	ସରକାରୀ	ନାଳଜଳ	୦.୦୫୦	ରକ୍ଷିତ
	ଦେବଗାଣ୍ଡି	୬୯	ସରକାରୀ	ଗୋଚର	୦.୦୫୦	ରକ୍ଷିତ
	ଦେବଗାଣ୍ଡି	୭୧	ସରକାରୀ	ପତିତ	୦.୦୬୦	ଅବାଦ ଯୋଗ୍ୟ ଅନାବାଦି
	ଦେବଗାଣ୍ଡି	୭୯	ସରକାରୀ	ଖାଲ	୦.୧୮୦	ଅବାଦଯୋଗ୍ୟ
	ଦେବଗାଣ୍ଡି	୯୮	ସରକାରୀ	ନାଳ	୦.୪୭୦	ରକ୍ଷିତ
	ଦେବଗାଣ୍ଡି	୩୭.୪	ସରକାରୀ	ଗ୍ରାମ୍ୟଜଙ୍ଗଲ	୦.୧୫୦	ରକ୍ଷିତ
	ଦେବଗାଣ୍ଡି	୩୯୪	ରୟତି	ନଳକୂପ	୦.୦୫୦	ଅବାଦ ଯୋଗ୍ୟ ଅନାବାଦି
	ଦେବଗାଣ୍ଡି	୪୪୪	ସରକାରୀ	ରାସ୍ତା	୦.୦୯୦	ସର୍ବସାଧାରଣ
	ଦେବଗାଣ୍ଡି	୪୫୫	ସରକାରୀ	ନାଳ	୦.୦୮୦	ରକ୍ଷିତ
	ଦେବଗାଣ୍ଡି	୪୬୪	ସରକାରୀ	ପତିତ	୦.୦୯୦	ଅବାଦ ଯୋଗ୍ୟ ଅନାବାଦି
	ଦେବଗାଣ୍ଡି	୪୯.୧	ସରକାରୀ	ଖାଲ	୦.୦୪୦	ରକ୍ଷିତ
	ଦେବଗାଣ୍ଡି	୪୧.୧/୯.୮	ସରକାରୀ	ମାଳ ଝଙ୍କ-୨	୦.୦୯୦	ଅବାଦ ଯୋଗ୍ୟ ଅନାବାଦି
	ଦେବଗାଣ୍ଡି	୪୧୧	ସରକାରୀ	ପତିତ	୦.୧୩୦	ପିଡ୍ୟୁଟି
୯.	ଗାଇଗାଁ	୪	ରୟତି	ଶାରଦ-୧	୦.୦୧୦	ଧରା ମୁଦ୍ରା, ପି-ଶ୍ୟାମ ମୁଦ୍ରା, ଗ୍ରା-ନିଜଗାଁ
	ଗାଇଗାଁ	୮	ରୟତି	ଶାରଦ-୧	୦.୦୮୦	ଗ୍ରାମ୍ୟ ଦେବତା
	ଗାଇଗାଁ	୧୨	ସରକାରୀ	ଗୋଚର	୦.୦୪୦	ରକ୍ଷିତ
	ଗାଇଗାଁ	୧୯	ରୟତି	ଶାରଦ-୨	୦.୧୪୦	ସରସ ନେଡ୍ଢ଼ୁକ, ପି- ନିଠୁର ନେଡ୍ଢ଼ୁକ, ଗ୍ରା-ନିଜଗାଁ
	ଗାଇଗାଁ	୨୪	ସରକାରୀ	ରାସ୍ତା	୦.୪.୮	ସର୍ବସାଧାରଣ
	ଗାଇଗାଁ	୩୪	ସରକାରୀ	ପତିତ	୦.୦୬୦	ଅବାଦ ଯୋଗ୍ୟ ଅନାବାଦି
	ଗାଇଗାଁ	୪୪	ରୟତି	ଶାରଦ-୨	୦.୪୭୦	ବିଚିତ୍ର ହିକ, ଗା-ଟାଡ଼ି ଗାଞ୍ଜୁ, ଗ୍ରା-ନିଜଗାଁ
	ଗାଇଗାଁ	୫୪	ସରକାରୀ	ଖାଲ	୦.୦୩୦	ରକ୍ଷିତ
	ଗାଇଗାଁ	୬୪	ସରକାରୀ	ନାଳ	୦.୦୪୦	ରକ୍ଷିତ
	ଗାଇଗାଁ	୭୪	ରୟତି	ଶାରଦ-୨	୦.୮.୦	ବିଜୁଳି ହିକ, ଗା-ଦାସି ଗାଞ୍ଜୁ, ଗ୍ରା-ନିଜଗାଁ
See Next Page ▸
